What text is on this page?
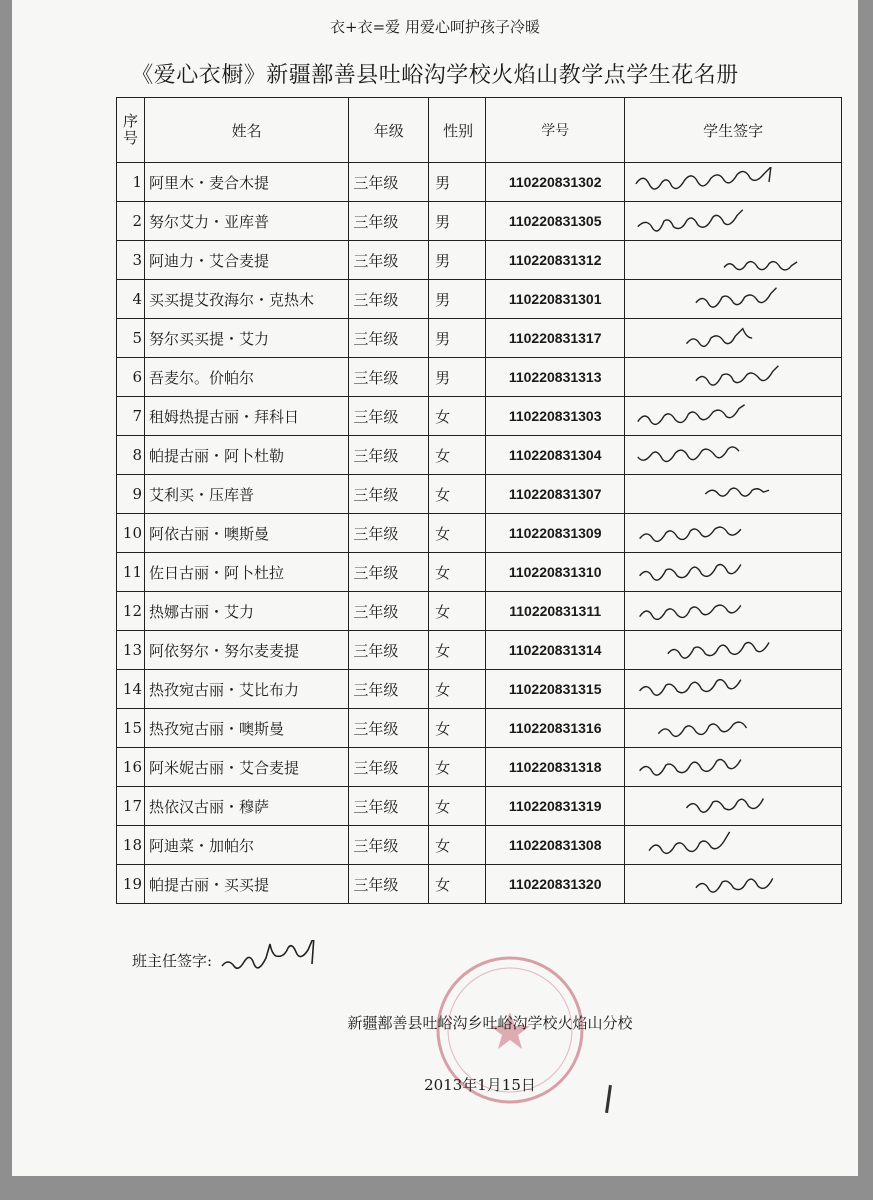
衣+衣=爱 用爱心呵护孩子冷暖
《爱心衣橱》新疆鄯善县吐峪沟学校火焰山教学点学生花名册
序号	姓名	年级	性别	学号	学生签字
1	阿里木・麦合木提	三年级	男	110220831302	

2	努尔艾力・亚库普	三年级	男	110220831305	

3	阿迪力・艾合麦提	三年级	男	110220831312	

4	买买提艾孜海尔・克热木	三年级	男	110220831301	

5	努尔买买提・艾力	三年级	男	110220831317	

6	吾麦尔。价帕尔	三年级	男	110220831313	

7	租姆热提古丽・拜科日	三年级	女	110220831303	

8	帕提古丽・阿卜杜勒	三年级	女	110220831304	

9	艾利买・压库普	三年级	女	110220831307	

10	阿依古丽・噢斯曼	三年级	女	110220831309	

11	佐日古丽・阿卜杜拉	三年级	女	110220831310	

12	热娜古丽・艾力	三年级	女	110220831311	

13	阿依努尔・努尔麦麦提	三年级	女	110220831314	

14	热孜宛古丽・艾比布力	三年级	女	110220831315	

15	热孜宛古丽・噢斯曼	三年级	女	110220831316	

16	阿米妮古丽・艾合麦提	三年级	女	110220831318	

17	热依汉古丽・穆萨	三年级	女	110220831319	

18	阿迪菜・加帕尔	三年级	女	110220831308	

19	帕提古丽・买买提	三年级	女	110220831320	
班主任签字:
新疆鄯善县吐峪沟乡吐峪沟学校火焰山分校
2013年1月15日
